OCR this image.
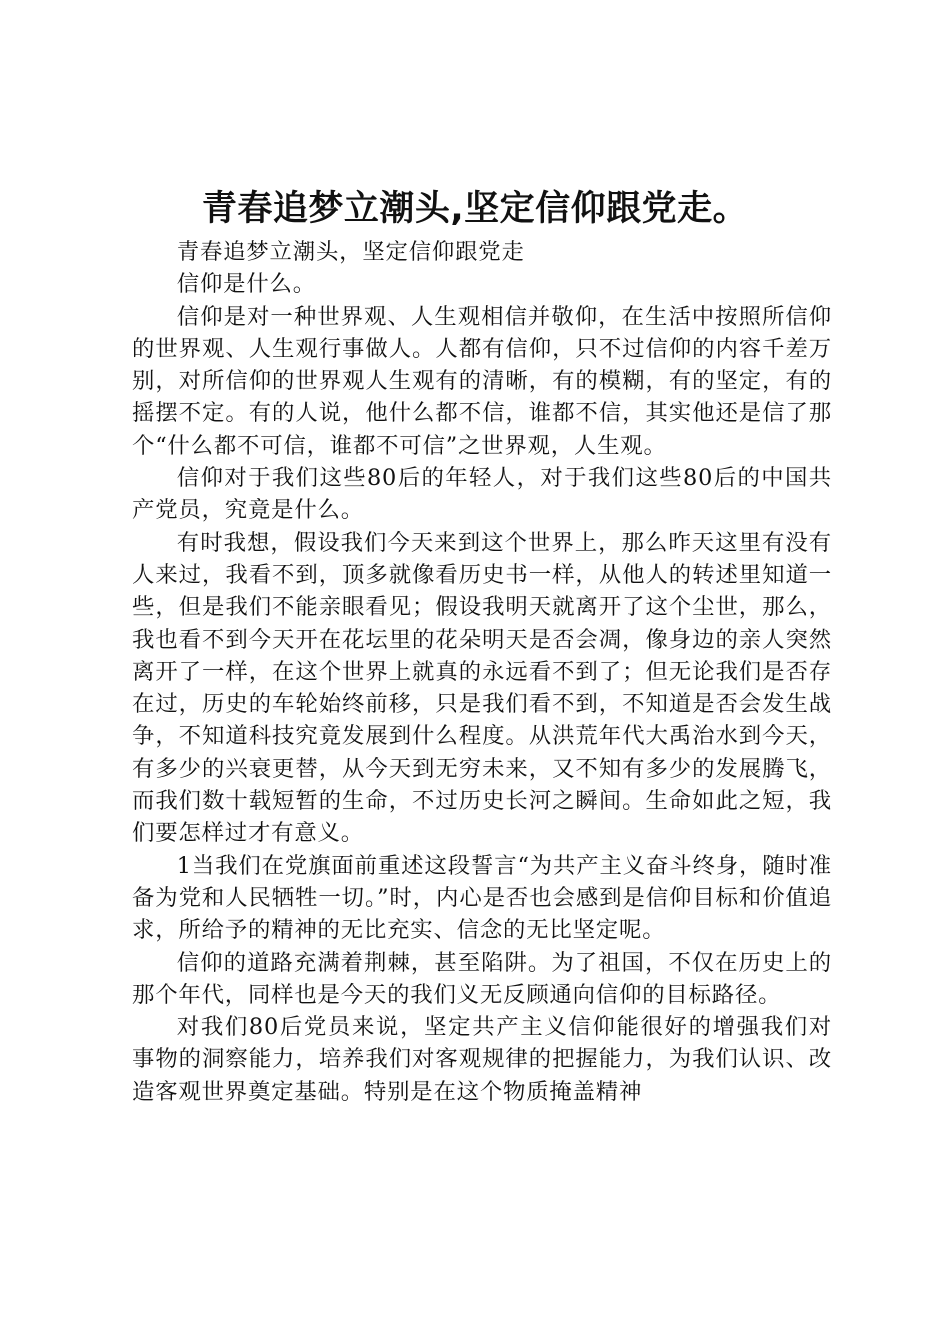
青春追梦立潮头,坚定信仰跟党走。

青春追梦立潮头，坚定信仰跟党走

信仰是什么。

信仰是对一种世界观、人生观相信并敬仰，在生活中按照所信仰的世界观、人生观行事做人。人都有信仰，只不过信仰的内容千差万别，对所信仰的世界观人生观有的清晰，有的模糊，有的坚定，有的摇摆不定。有的人说，他什么都不信，谁都不信，其实他还是信了那个“什么都不可信，谁都不可信”之世界观，人生观。

信仰对于我们这些80后的年轻人，对于我们这些80后的中国共产党员，究竟是什么。

有时我想，假设我们今天来到这个世界上，那么昨天这里有没有人来过，我看不到，顶多就像看历史书一样，从他人的转述里知道一些，但是我们不能亲眼看见；假设我明天就离开了这个尘世，那么，我也看不到今天开在花坛里的花朵明天是否会凋，像身边的亲人突然离开了一样，在这个世界上就真的永远看不到了；但无论我们是否存在过，历史的车轮始终前移，只是我们看不到，不知道是否会发生战争，不知道科技究竟发展到什么程度。从洪荒年代大禹治水到今天，有多少的兴衰更替，从今天到无穷未来，又不知有多少的发展腾飞，而我们数十载短暂的生命，不过历史长河之瞬间。生命如此之短，我们要怎样过才有意义。

1当我们在党旗面前重述这段誓言“为共产主义奋斗终身，随时准备为党和人民牺牲一切。”时，内心是否也会感到是信仰目标和价值追求，所给予的精神的无比充实、信念的无比坚定呢。

信仰的道路充满着荆棘，甚至陷阱。为了祖国，不仅在历史上的那个年代，同样也是今天的我们义无反顾通向信仰的目标路径。

对我们80后党员来说，坚定共产主义信仰能很好的增强我们对事物的洞察能力，培养我们对客观规律的把握能力，为我们认识、改造客观世界奠定基础。特别是在这个物质掩盖精神
